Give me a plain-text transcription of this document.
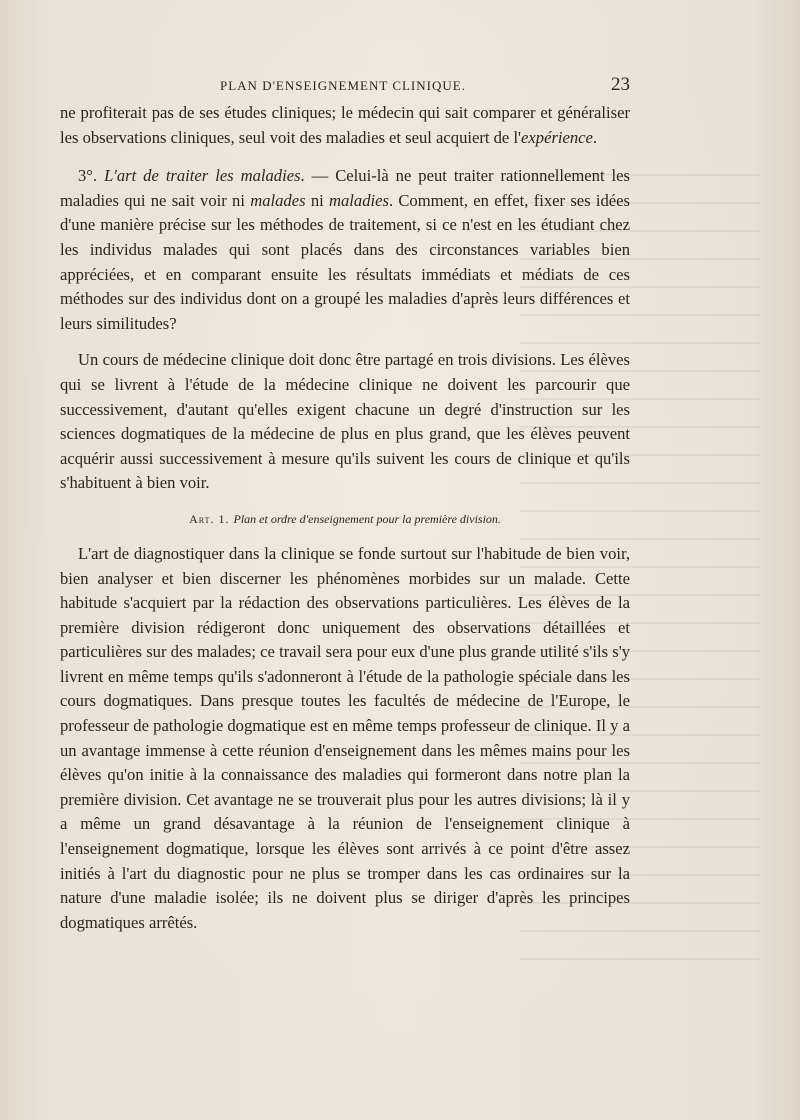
PLAN D'ENSEIGNEMENT CLINIQUE.	23

ne profiterait pas de ses études cliniques; le médecin qui sait comparer et généraliser les observations cliniques, seul voit des maladies et seul acquiert de l'expérience.

3°. L'art de traiter les maladies. — Celui-là ne peut traiter rationnellement les maladies qui ne sait voir ni malades ni maladies. Comment, en effet, fixer ses idées d'une manière précise sur les méthodes de traitement, si ce n'est en les étudiant chez les individus malades qui sont placés dans des circonstances variables bien appréciées, et en comparant ensuite les résultats immédiats et médiats de ces méthodes sur des individus dont on a groupé les maladies d'après leurs différences et leurs similitudes?

Un cours de médecine clinique doit donc être partagé en trois divisions. Les élèves qui se livrent à l'étude de la médecine clinique ne doivent les parcourir que successivement, d'autant qu'elles exigent chacune un degré d'instruction sur les sciences dogmatiques de la médecine de plus en plus grand, que les élèves peuvent acquérir aussi successivement à mesure qu'ils suivent les cours de clinique et qu'ils s'habituent à bien voir.

Art. 1. Plan et ordre d'enseignement pour la première division.

L'art de diagnostiquer dans la clinique se fonde surtout sur l'habitude de bien voir, bien analyser et bien discerner les phénomènes morbides sur un malade. Cette habitude s'acquiert par la rédaction des observations particulières. Les élèves de la première division rédigeront donc uniquement des observations détaillées et particulières sur des malades; ce travail sera pour eux d'une plus grande utilité s'ils s'y livrent en même temps qu'ils s'adonneront à l'étude de la pathologie spéciale dans les cours dogmatiques. Dans presque toutes les facultés de médecine de l'Europe, le professeur de pathologie dogmatique est en même temps professeur de clinique. Il y a un avantage immense à cette réunion d'enseignement dans les mêmes mains pour les élèves qu'on initie à la connaissance des maladies qui formeront dans notre plan la première division. Cet avantage ne se trouverait plus pour les autres divisions; là il y a même un grand désavantage à la réunion de l'enseignement clinique à l'enseignement dogmatique, lorsque les élèves sont arrivés à ce point d'être assez initiés à l'art du diagnostic pour ne plus se tromper dans les cas ordinaires sur la nature d'une maladie isolée; ils ne doivent plus se diriger d'après les principes dogmatiques arrêtés.
